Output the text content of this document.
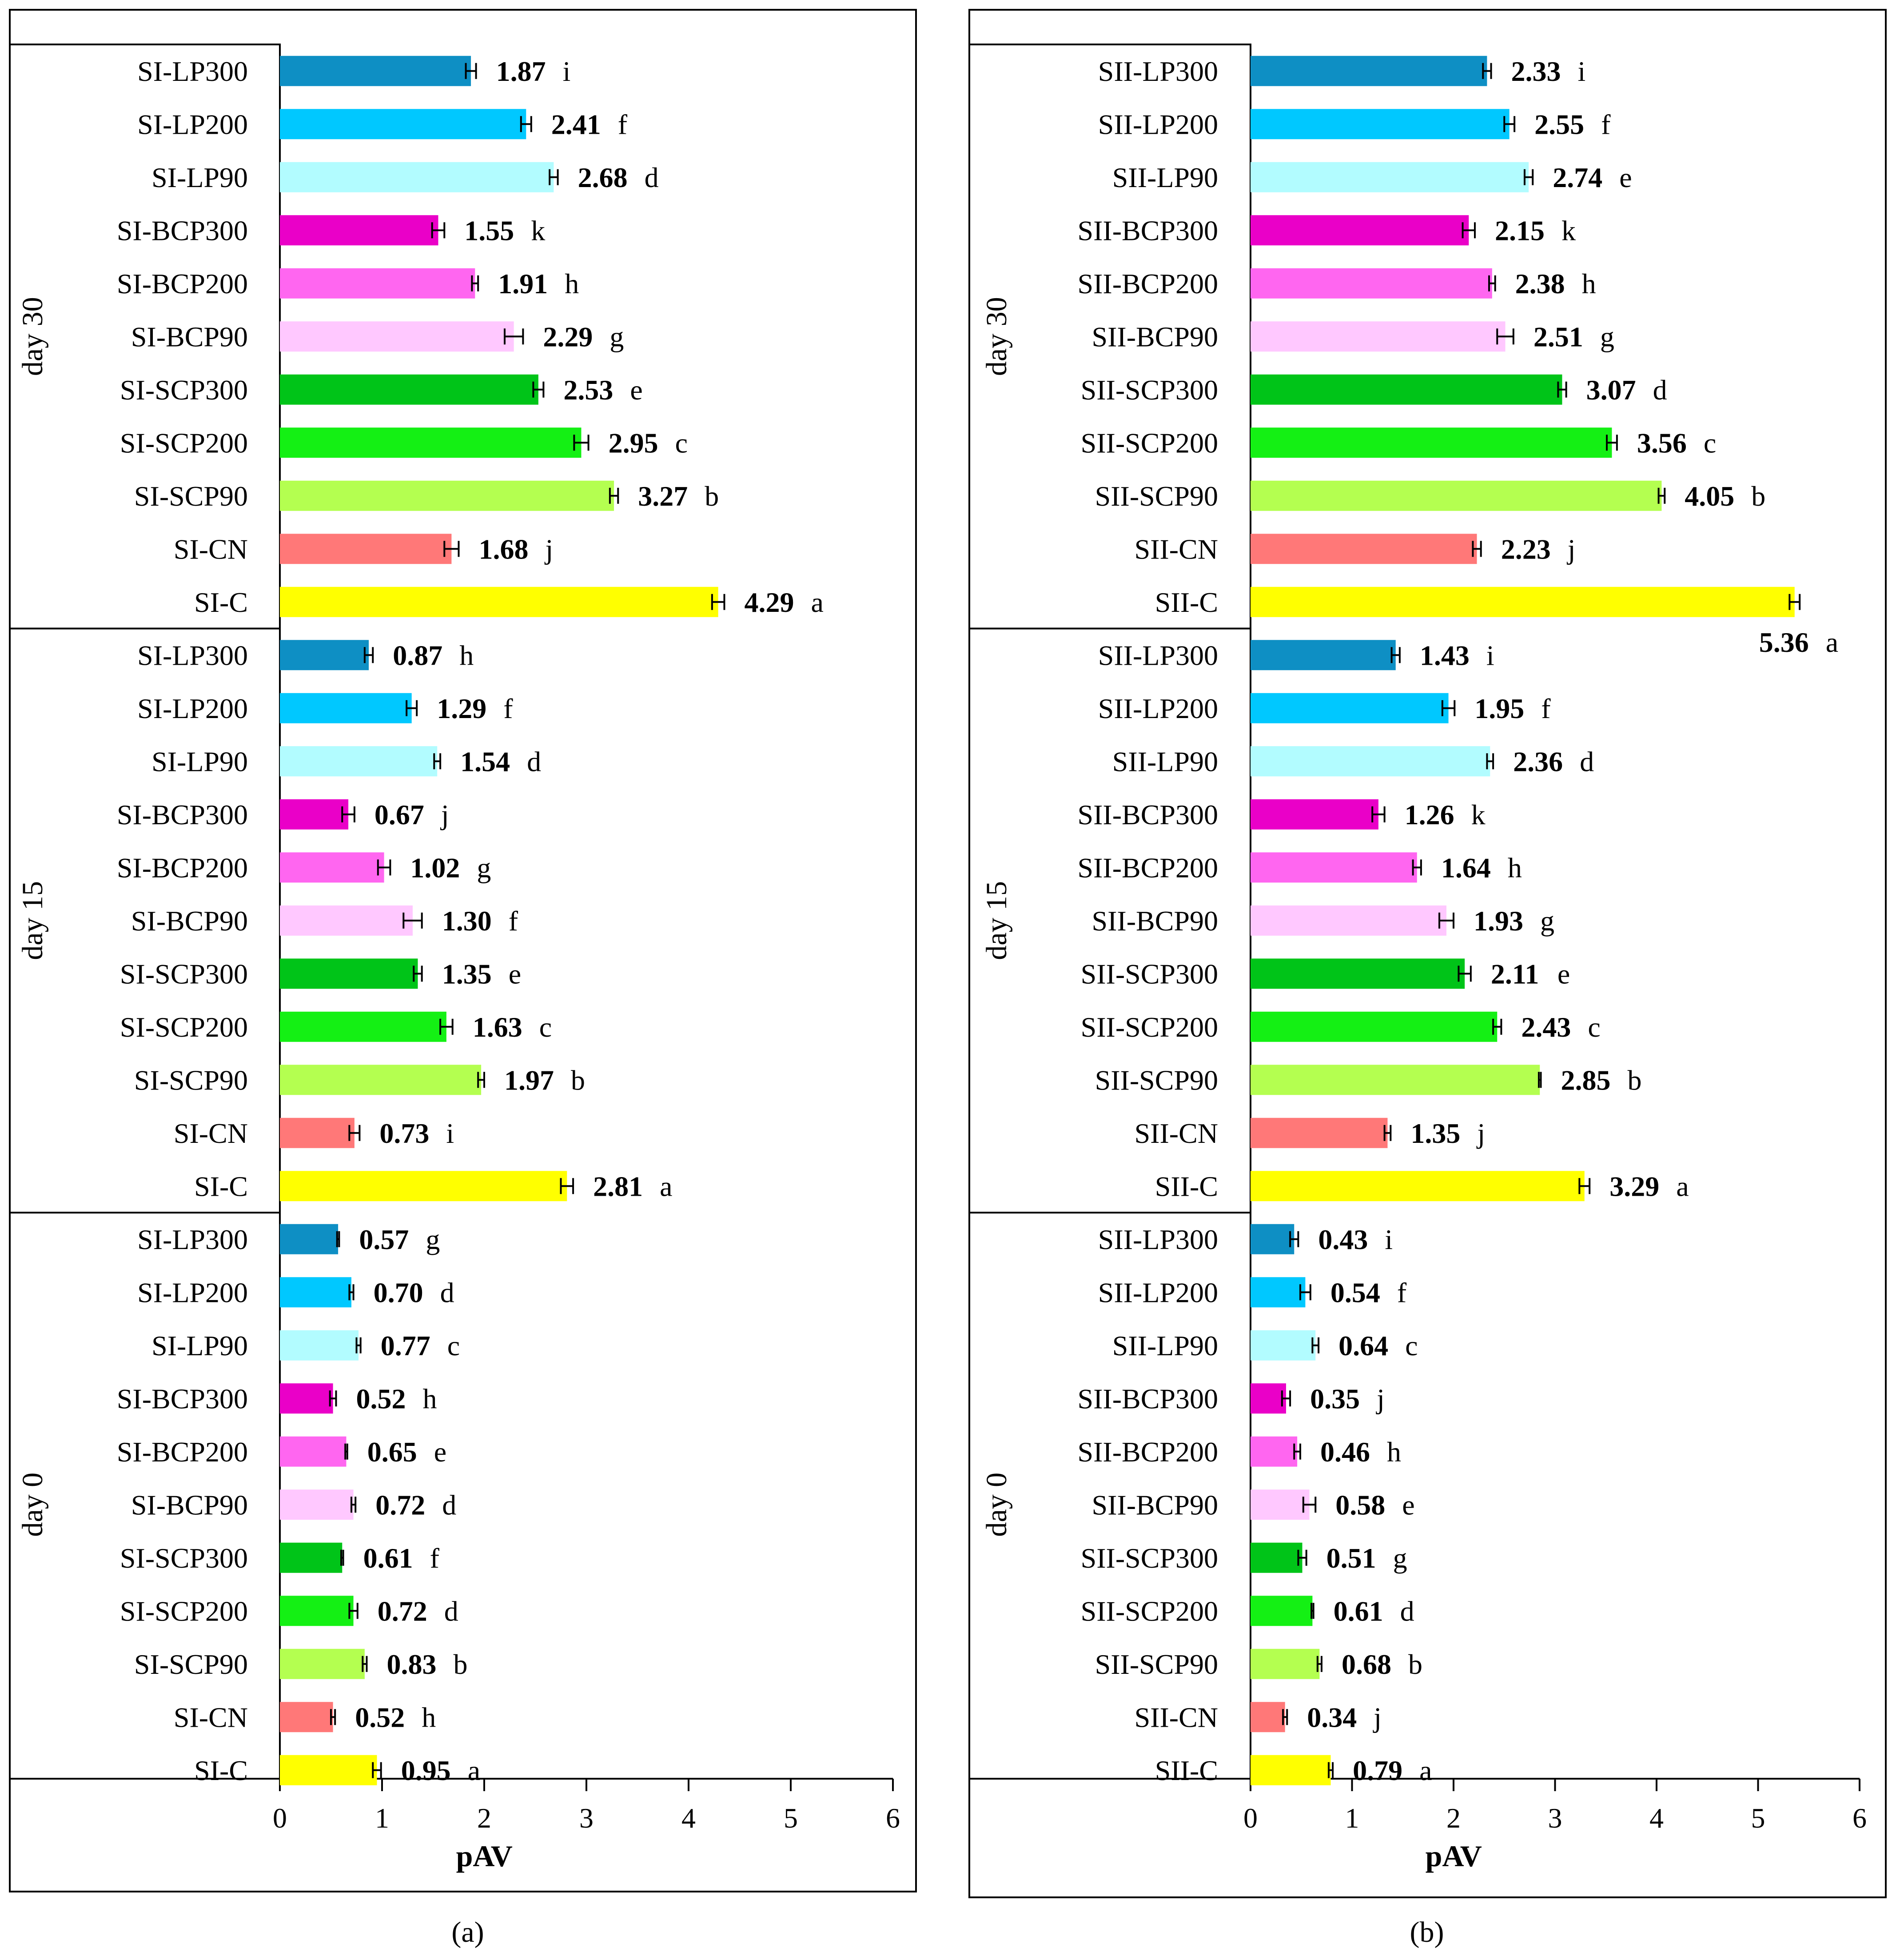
0	1	2	3	4	5	6
pAV
(a)
day 30
SI-LP300	1.87 i
SI-LP200	2.41 f
SI-LP90	2.68 d
SI-BCP300	1.55 k
SI-BCP200	1.91 h
SI-BCP90	2.29 g
SI-SCP300	2.53 e
SI-SCP200	2.95 c
SI-SCP90	3.27 b
SI-CN	1.68 j
SI-C	4.29 a
day 15
SI-LP300	0.87 h
SI-LP200	1.29 f
SI-LP90	1.54 d
SI-BCP300	0.67 j
SI-BCP200	1.02 g
SI-BCP90	1.30 f
SI-SCP300	1.35 e
SI-SCP200	1.63 c
SI-SCP90	1.97 b
SI-CN	0.73 i
SI-C	2.81 a
day 0
SI-LP300	0.57 g
SI-LP200	0.70 d
SI-LP90	0.77 c
SI-BCP300	0.52 h
SI-BCP200	0.65 e
SI-BCP90	0.72 d
SI-SCP300	0.61 f
SI-SCP200	0.72 d
SI-SCP90	0.83 b
SI-CN	0.52 h
SI-C	0.95 a
0	1	2	3	4	5	6
pAV
(b)
day 30
SII-LP300	2.33 i
SII-LP200	2.55 f
SII-LP90	2.74 e
SII-BCP300	2.15 k
SII-BCP200	2.38 h
SII-BCP90	2.51 g
SII-SCP300	3.07 d
SII-SCP200	3.56 c
SII-SCP90	4.05 b
SII-CN	2.23 j
SII-C
5.36 a
day 15
SII-LP300	1.43 i
SII-LP200	1.95 f
SII-LP90	2.36 d
SII-BCP300	1.26 k
SII-BCP200	1.64 h
SII-BCP90	1.93 g
SII-SCP300	2.11 e
SII-SCP200	2.43 c
SII-SCP90	2.85 b
SII-CN	1.35 j
SII-C	3.29 a
day 0
SII-LP300	0.43 i
SII-LP200	0.54 f
SII-LP90	0.64 c
SII-BCP300	0.35 j
SII-BCP200	0.46 h
SII-BCP90	0.58 e
SII-SCP300	0.51 g
SII-SCP200	0.61 d
SII-SCP90	0.68 b
SII-CN	0.34 j
SII-C	0.79 a
